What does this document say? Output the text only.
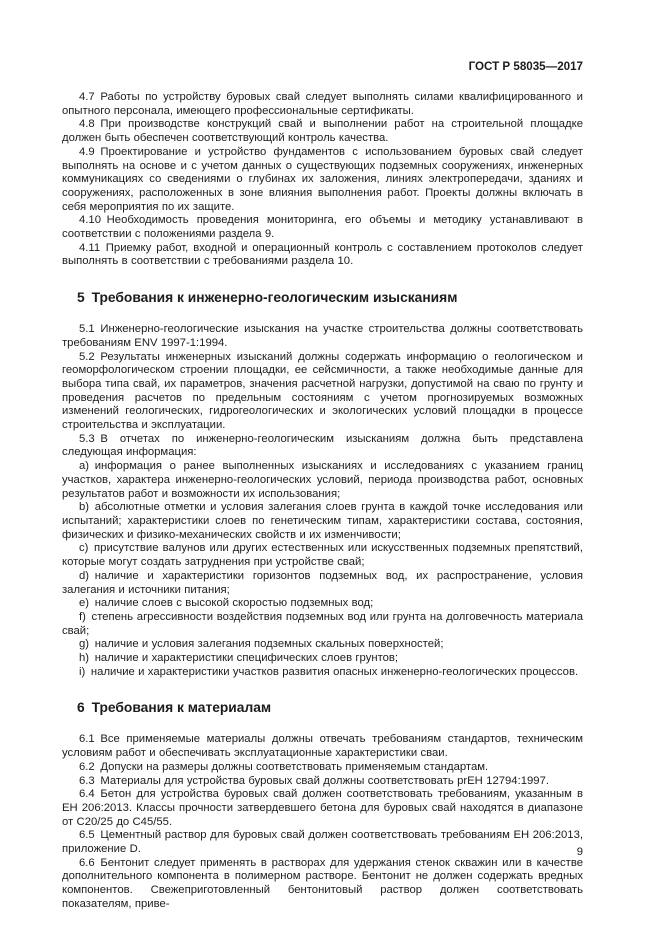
ГОСТ Р 58035—2017

4.7 Работы по устройству буровых свай следует выполнять силами квалифицированного и опытного персонала, имеющего профессиональные сертификаты.

4.8 При производстве конструкций свай и выполнении работ на строительной площадке должен быть обеспечен соответствующий контроль качества.

4.9 Проектирование и устройство фундаментов с использованием буровых свай следует выполнять на основе и с учетом данных о существующих подземных сооружениях, инженерных коммуникациях со сведениями о глубинах их заложения, линиях электропередачи, зданиях и сооружениях, расположенных в зоне влияния выполнения работ. Проекты должны включать в себя мероприятия по их защите.

4.10 Необходимость проведения мониторинга, его объемы и методику устанавливают в соответствии с положениями раздела 9.

4.11 Приемку работ, входной и операционный контроль с составлением протоколов следует выполнять в соответствии с требованиями раздела 10.

5 Требования к инженерно-геологическим изысканиям

5.1 Инженерно-геологические изыскания на участке строительства должны соответствовать требованиям ENV 1997-1:1994.

5.2 Результаты инженерных изысканий должны содержать информацию о геологическом и геоморфологическом строении площадки, ее сейсмичности, а также необходимые данные для выбора типа свай, их параметров, значения расчетной нагрузки, допустимой на сваю по грунту и проведения расчетов по предельным состояниям с учетом прогнозируемых возможных изменений геологических, гидрогеологических и экологических условий площадки в процессе строительства и эксплуатации.

5.3 В отчетах по инженерно-геологическим изысканиям должна быть представлена следующая информация:

a) информация о ранее выполненных изысканиях и исследованиях с указанием границ участков, характера инженерно-геологических условий, периода производства работ, основных результатов работ и возможности их использования;

b) абсолютные отметки и условия залегания слоев грунта в каждой точке исследования или испытаний; характеристики слоев по генетическим типам, характеристики состава, состояния, физических и физико-механических свойств и их изменчивости;

c) присутствие валунов или других естественных или искусственных подземных препятствий, которые могут создать затруднения при устройстве свай;

d) наличие и характеристики горизонтов подземных вод, их распространение, условия залегания и источники питания;

e) наличие слоев с высокой скоростью подземных вод;

f) степень агрессивности воздействия подземных вод или грунта на долговечность материала свай;

g) наличие и условия залегания подземных скальных поверхностей;

h) наличие и характеристики специфических слоев грунтов;

i) наличие и характеристики участков развития опасных инженерно-геологических процессов.

6 Требования к материалам

6.1 Все применяемые материалы должны отвечать требованиям стандартов, техническим условиям работ и обеспечивать эксплуатационные характеристики сваи.

6.2 Допуски на размеры должны соответствовать применяемым стандартам.

6.3 Материалы для устройства буровых свай должны соответствовать prЕН 12794:1997.

6.4 Бетон для устройства буровых свай должен соответствовать требованиям, указанным в ЕН 206:2013. Классы прочности затвердевшего бетона для буровых свай находятся в диапазоне от С20/25 до С45/55.

6.5 Цементный раствор для буровых свай должен соответствовать требованиям ЕН 206:2013, приложение D.

6.6 Бентонит следует применять в растворах для удержания стенок скважин или в качестве дополнительного компонента в полимерном растворе. Бентонит не должен содержать вредных компонентов. Свежеприготовленный бентонитовый раствор должен соответствовать показателям, приве-

9
